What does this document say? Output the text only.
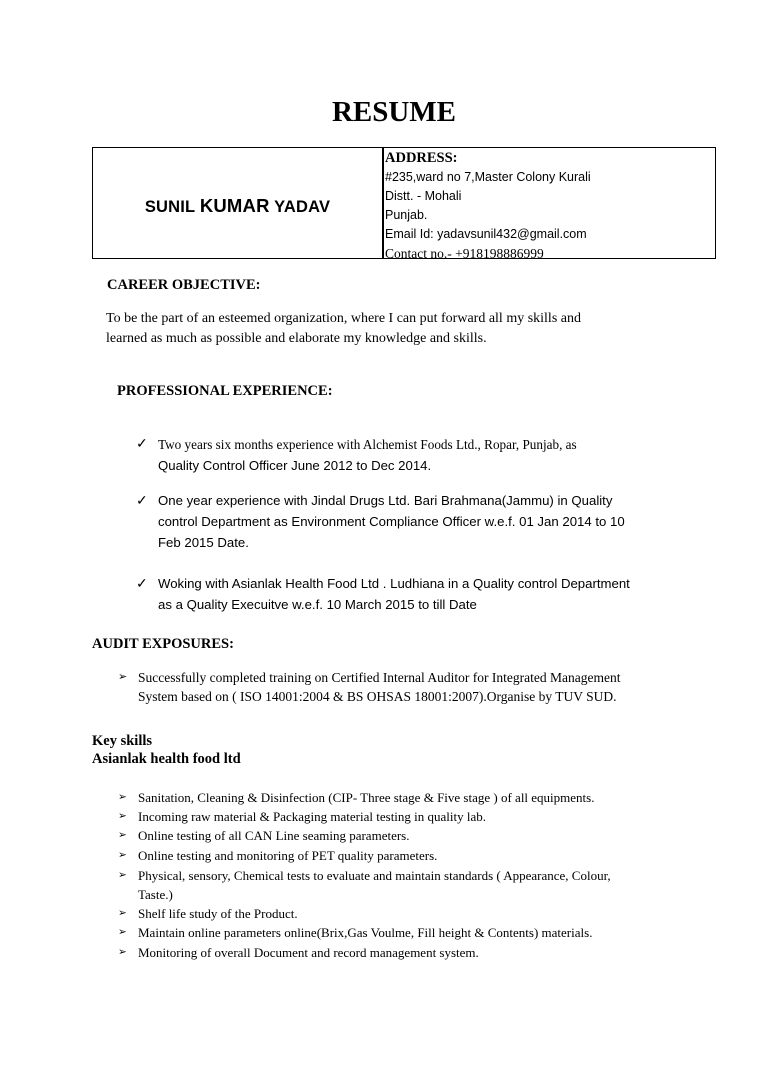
RESUME
SUNIL KUMAR YADAV
ADDRESS:
#235,ward no 7,Master Colony Kurali
Distt. - Mohali
Punjab.
Email Id: yadavsunil432@gmail.com
Contact no.- +918198886999
CAREER OBJECTIVE:
To be the part of an esteemed organization, where I can put forward all my skills and
learned as much as possible and elaborate my knowledge and skills.
PROFESSIONAL EXPERIENCE:
✓ Two years six months experience with Alchemist Foods Ltd., Ropar, Punjab, as
Quality Control Officer June 2012 to Dec 2014.
✓ One year experience with Jindal Drugs Ltd. Bari Brahmana(Jammu) in Quality
control Department as Environment Compliance Officer w.e.f. 01 Jan 2014 to 10
Feb 2015 Date.
✓ Woking with Asianlak Health Food Ltd . Ludhiana in a Quality control Department
as a Quality Execuitve w.e.f. 10 March 2015 to till Date
AUDIT EXPOSURES:
➢ Successfully completed training on Certified Internal Auditor for Integrated Management
System based on ( ISO 14001:2004 & BS OHSAS 18001:2007).Organise by TUV SUD.
Key skills
Asianlak health food ltd
➢ Sanitation, Cleaning & Disinfection (CIP- Three stage & Five stage ) of all equipments.
➢ Incoming raw material & Packaging material testing in quality lab.
➢ Online testing of all CAN Line seaming parameters.
➢ Online testing and monitoring of PET quality parameters.
➢ Physical, sensory, Chemical tests to evaluate and maintain standards ( Appearance, Colour,
Taste.)
➢ Shelf life study of the Product.
➢ Maintain online parameters online(Brix,Gas Voulme, Fill height & Contents) materials.
➢ Monitoring of overall Document and record management system.
